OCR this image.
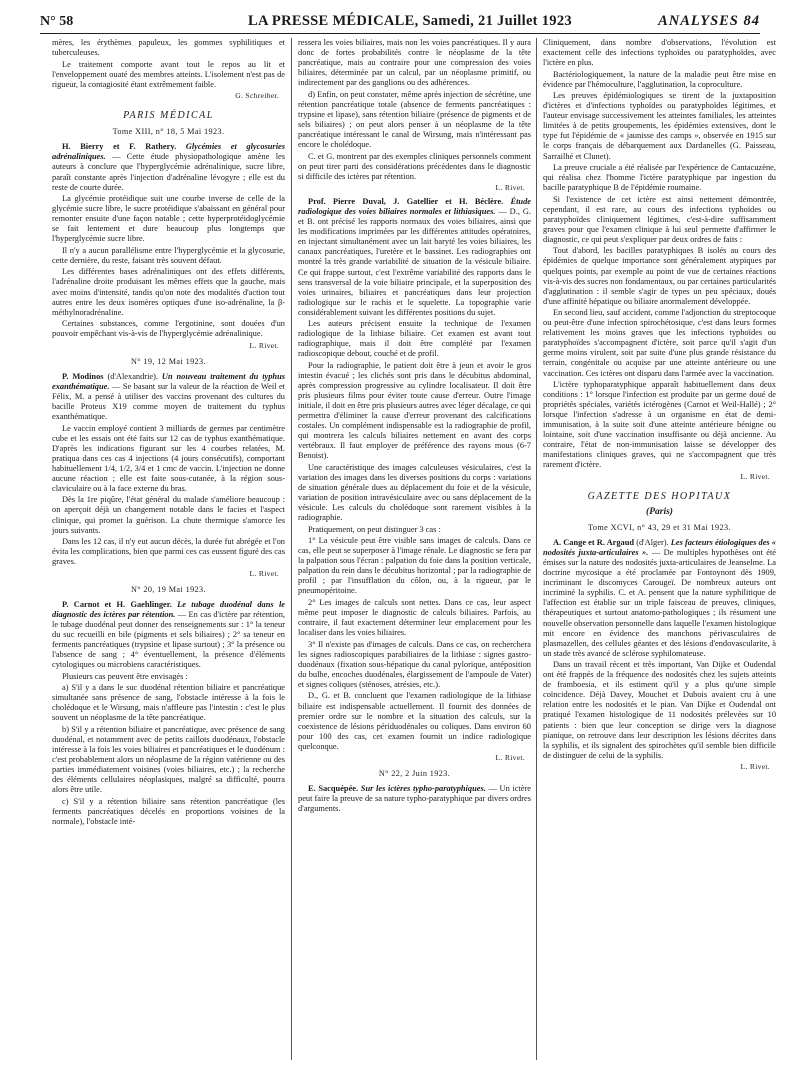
N° 58	LA PRESSE MÉDICALE, Samedi, 21 Juillet 1923	ANALYSES 84

mères, les érythèmes papuleux, les gommes syphilitiques et tuberculeuses.

Le traitement comporte avant tout le repos au lit et l'enveloppement ouaté des membres atteints. L'isolement n'est pas de rigueur, la contagiosité étant extrêmement faible.

G. Schreiber.

PARIS MÉDICAL

Tome XIII, n° 18, 5 Mai 1923.

H. Bierry et F. Rathery. Glycémies et glycosuries adrénaliniques. — Cette étude physiopathologique amène les auteurs à conclure que l'hyperglycémie adrénalinique, sucre libre, paraît constante après l'injection d'adrénaline lévogyre ; elle est du reste de courte durée.

La glycémie protéidique suit une courbe inverse de celle de la glycémie sucre libre, le sucre protéidique s'abaissant en général pour remonter ensuite d'une façon notable ; cette hyperprotéidoglycémie se fait lentement et dure beaucoup plus longtemps que l'hyperglycémie sucre libre.

Il n'y a aucun parallélisme entre l'hyperglycémie et la glycosurie, cette dernière, du reste, faisant très souvent défaut.

Les différentes bases adrénaliniques ont des effets différents, l'adrénaline droite produisant les mêmes effets que la gauche, mais avec moins d'intensité, tandis qu'on note des modalités d'action tout autres entre les deux isomères optiques d'une iso-adrénaline, la β-méthylnoradrénaline.

Certaines substances, comme l'ergotinine, sont douées d'un pouvoir empêchant vis-à-vis de l'hyperglycémie adrénalinique.

L. Rivet.

N° 19, 12 Mai 1923.

P. Modinos (d'Alexandrie). Un nouveau traitement du typhus exanthématique. — Se basant sur la valeur de la réaction de Weil et Félix, M. a pensé à utiliser des vaccins provenant des cultures du bacille Proteus X19 comme moyen de traitement du typhus exanthématique.

Le vaccin employé contient 3 milliards de germes par centimètre cube et les essais ont été faits sur 12 cas de typhus exanthématique. D'après les indications figurant sur les 4 courbes relatées, M. pratiqua dans ces cas 4 injections (4 jours consécutifs), comportant habituellement 1/4, 1/2, 3/4 et 1 cmc de vaccin. L'injection ne donne aucune réaction ; elle est faite sous-cutanée, à la région sous-claviculaire ou à la face externe du bras.

Dès la 1re piqûre, l'état général du malade s'améliore beaucoup : on aperçoit déjà un changement notable dans le facies et l'aspect clinique, qui promet la guérison. La chute thermique s'amorce les jours suivants.

Dans les 12 cas, il n'y eut aucun décès, la durée fut abrégée et l'on évita les complications, bien que parmi ces cas eussent figuré des cas graves.

L. Rivet.

N° 20, 19 Mai 1923.

P. Carnot et H. Gaehlinger. Le tubage duodénal dans le diagnostic des ictères par rétention. — En cas d'ictère par rétention, le tubage duodénal peut donner des renseignements sur : 1° la teneur du suc recueilli en bile (pigments et sels biliaires) ; 2° sa teneur en ferments pancréatiques (trypsine et lipase surtout) ; 3° la présence ou l'absence de sang ; 4° éventuellement, la présence d'éléments cytologiques ou microbiens caractéristiques.

Plusieurs cas peuvent être envisagés :

a) S'il y a dans le suc duodénal rétention biliaire et pancréatique simultanée sans présence de sang, l'obstacle intéresse à la fois le cholédoque et le Wirsung, mais n'affleure pas l'intestin : c'est le plus souvent un néoplasme de la tête pancréatique.

b) S'il y a rétention biliaire et pancréatique, avec présence de sang duodénal, et notamment avec de petits caillots duodénaux, l'obstacle intéresse à la fois les voies biliaires et pancréatiques et le duodénum : c'est probablement alors un néoplasme de la région vatérienne ou des parties immédiatement voisines (voies biliaires, etc.) ; la recherche des éléments cellulaires néoplasiques, malgré sa difficulté, pourra alors être utile.

c) S'il y a rétention biliaire sans rétention pancréatique (les ferments pancréatiques décelés en proportions voisines de la normale), l'obstacle inté-

ressera les voies biliaires, mais non les voies pancréatiques. Il y aura donc de fortes probabilités contre le néoplasme de la tête pancréatique, mais au contraire pour une compression des voies biliaires, déterminée par un calcul, par un néoplasme primitif, ou indirectement par des ganglions ou des adhérences.

d) Enfin, on peut constater, même après injection de sécrétine, une rétention pancréatique totale (absence de ferments pancréatiques : trypsine et lipase), sans rétention biliaire (présence de pigments et de sels biliaires) ; on peut alors penser à un néoplasme de la tête pancréatique intéressant le canal de Wirsung, mais n'intéressant pas encore le cholédoque.

C. et G. montrent par des exemples cliniques personnels comment on peut tirer parti des considérations précédentes dans le diagnostic si difficile des ictères par rétention.

L. Rivet.

Prof. Pierre Duval, J. Gatellier et H. Béclère. Étude radiologique des voies biliaires normales et lithiasiques. — D., G. et B. ont précisé les rapports normaux des voies biliaires, ainsi que les modifications imprimées par les différentes attitudes opératoires, en injectant simultanément avec un lait baryté les voies biliaires, les canaux pancréatiques, l'uretère et le bassinet. Les radiographies ont montré la très grande variabilité de situation de la vésicule biliaire. Ce qui frappe surtout, c'est l'extrême variabilité des rapports dans le sens transversal de la voie biliaire principale, et la superposition des voies urinaires, biliaires et pancréatiques dans leur projection radiologique sur le rachis et le squelette. La topographie varie considérablement suivant les différentes positions du sujet.

Les auteurs précisent ensuite la technique de l'examen radiologique de la lithiase biliaire. Cet examen est avant tout radiographique, mais il doit être complété par l'examen radioscopique debout, couché et de profil.

Pour la radiographie, le patient doit être à jeun et avoir le gros intestin évacué ; les clichés sont pris dans le décubitus abdominal, après compression progressive au cylindre localisateur. Il doit être pris plusieurs films pour éviter toute cause d'erreur. Outre l'image initiale, il doit en être pris plusieurs autres avec léger décalage, ce qui permettra d'éliminer la cause d'erreur provenant des calcifications costales. Un complément indispensable est la radiographie de profil, qui montrera les calculs biliaires nettement en avant des corps vertébraux. Il faut employer de préférence des rayons mous (6-7 Benoist).

Une caractéristique des images calculeuses vésiculaires, c'est la variation des images dans les diverses positions du corps : variations de situation générale dues au déplacement du foie et de la vésicule, variation de position intravésiculaire avec ou sans déplacement de la vésicule. Les calculs du cholédoque sont rarement visibles à la radiographie.

Pratiquement, on peut distinguer 3 cas :

1° La vésicule peut être visible sans images de calculs. Dans ce cas, elle peut se superposer à l'image rénale. Le diagnostic se fera par la palpation sous l'écran : palpation du foie dans la position verticale, palpation du rein dans le décubitus horizontal ; par la radiographie de profil ; par l'insufflation du côlon, ou, à la rigueur, par le pneumopéritoine.

2° Les images de calculs sont nettes. Dans ce cas, leur aspect même peut imposer le diagnostic de calculs biliaires. Parfois, au contraire, il faut exactement déterminer leur emplacement pour les localiser dans les voies biliaires.

3° Il n'existe pas d'images de calculs. Dans ce cas, on recherchera les signes radioscopiques parabiliaires de la lithiase : signes gastro-duodénaux (fixation sous-hépatique du canal pylorique, antéposition du bulbe, encoches duodénales, élargissement de l'ampoule de Vater) et signes coliques (sténoses, atrésies, etc.).

D., G. et B. concluent que l'examen radiologique de la lithiase biliaire est indispensable actuellement. Il fournit des données de premier ordre sur le nombre et la situation des calculs, sur la coexistence de lésions périduodénales ou coliques. Dans environ 60 pour 100 des cas, cet examen fournit un indice radiologique quelconque.

L. Rivet.

N° 22, 2 Juin 1923.

E. Sacquépée. Sur les ictères typho-paratyphiques. — Un ictère peut faire la preuve de sa nature typho-paratyphique par divers ordres d'arguments.

Cliniquement, dans nombre d'observations, l'évolution est exactement celle des infections typhoïdes ou paratyphoïdes, avec l'ictère en plus.

Bactériologiquement, la nature de la maladie peut être mise en évidence par l'hémoculture, l'agglutination, la coproculture.

Les preuves épidémiologiques se tirent de la juxtaposition d'ictères et d'infections typhoïdes ou paratyphoïdes légitimes, et l'auteur envisage successivement les atteintes familiales, les atteintes limitées à de petits groupements, les épidémies extensives, dont le type fut l'épidémie de « jaunisse des camps », observée en 1915 sur le corps français de débarquement aux Dardanelles (G. Paisseau, Sarrailhé et Clunet).

La preuve cruciale a été réalisée par l'expérience de Cantacuzène, qui réalisa chez l'homme l'ictère paratyphique par ingestion du bacille paratyphique B de l'épidémie roumaine.

Si l'existence de cet ictère est ainsi nettement démontrée, cependant, il est rare, au cours des infections typhoïdes ou paratyphoïdes cliniquement légitimes, c'est-à-dire suffisamment graves pour que l'examen clinique à lui seul permette d'affirmer le diagnostic, ce qui peut s'expliquer par deux ordres de faits :

Tout d'abord, les bacilles paratyphiques B isolés au cours des épidémies de quelque importance sont généralement atypiques par quelques points, par exemple au point de vue de certaines réactions vis-à-vis des sucres non fondamentaux, ou par certaines particularités d'agglutination : il semble s'agir de types un peu spéciaux, doués d'une affinité hépatique ou biliaire anormalement développée.

En second lieu, sauf accident, comme l'adjonction du streptocoque ou peut-être d'une infection spirochétosique, c'est dans leurs formes relativement les moins graves que les infections typhoïdes ou paratyphoïdes s'accompagnent d'ictère, soit parce qu'il s'agit d'un germe moins virulent, soit par suite d'une plus grande résistance du terrain, congénitale ou acquise par une atteinte antérieure ou une vaccination. Ces ictères ont disparu dans l'armée avec la vaccination.

L'ictère typhoparatyphique apparaît habituellement dans deux conditions : 1° lorsque l'infection est produite par un germe doué de propriétés spéciales, variétés ictérogènes (Carnot et Weil-Hallé) ; 2° lorsque l'infection s'adresse à un organisme en état de demi-immunisation, à la suite soit d'une atteinte antérieure bénigne ou lointaine, soit d'une vaccination insuffisante ou déjà ancienne. Au contraire, l'état de non-immunisation laisse se développer des manifestations cliniques graves, qui ne s'accompagnent que très rarement d'ictère.

L. Rivet.

GAZETTE DES HOPITAUX

(Paris)

Tome XCVI, n° 43, 29 et 31 Mai 1923.

A. Cange et R. Argaud (d'Alger). Les facteurs étiologiques des « nodosités juxta-articulaires ». — De multiples hypothèses ont été émises sur la nature des nodosités juxta-articulaires de Jeanselme. La doctrine mycosique a été proclamée par Fontoynont dès 1909, incriminant le discomyces Carougeï. De nombreux auteurs ont incriminé la syphilis. C. et A. pensent que la nature syphilitique de l'affection est établie sur un triple faisceau de preuves, cliniques, thérapeutiques et surtout anatomo-pathologiques ; ils résument une nouvelle observation personnelle dans laquelle l'examen histologique mit encore en évidence des manchons périvasculaires de plasmazellen, des cellules géantes et des lésions d'endovascularite, à un stade très avancé de sclérose syphilomateuse.

Dans un travail récent et très important, Van Dijke et Oudendal ont été frappés de la fréquence des nodosités chez les sujets atteints de framboesia, et ils estiment qu'il y a plus qu'une simple coïncidence. Déjà Davey, Mouchet et Dubois avaient cru à une relation entre les nodosités et le pian. Van Dijke et Oudendal ont pratiqué l'examen histologique de 11 nodosités prélevées sur 10 patients : bien que leur conception se dirige vers la diagnose pianique, on retrouve dans leur description les lésions décrites dans la syphilis, et ils signalent des spirochètes qu'il semble bien difficile de distinguer de celui de la syphilis.

L. Rivet.
